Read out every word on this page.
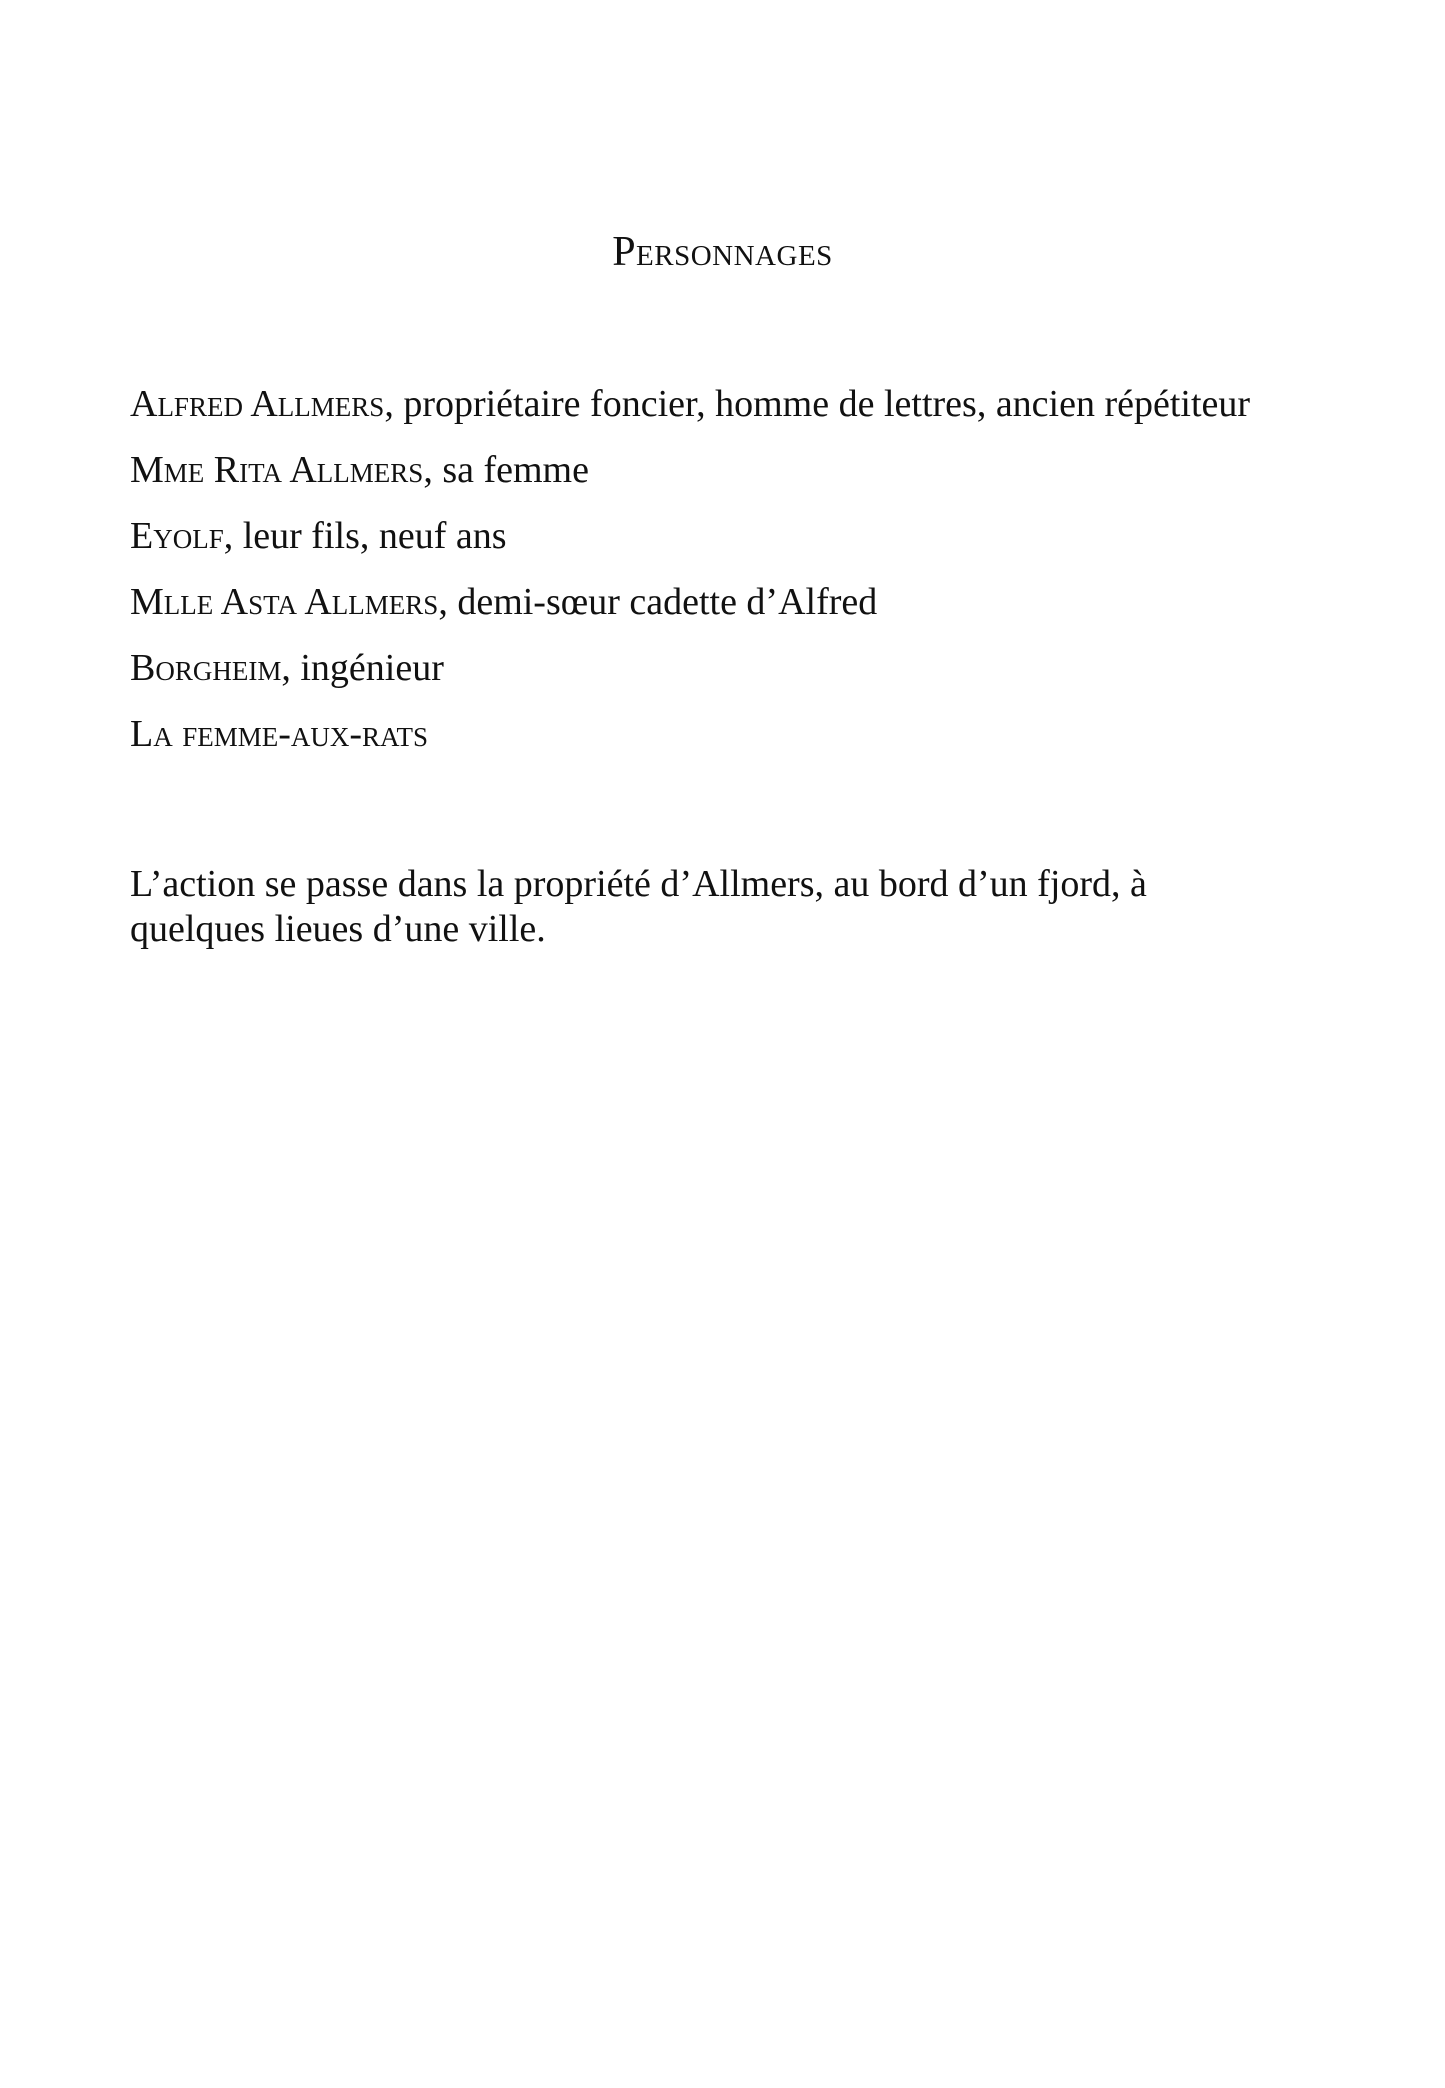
Personnages
Alfred Allmers, propriétaire foncier, homme de lettres, ancien répétiteur
Mme Rita Allmers, sa femme
Eyolf, leur fils, neuf ans
Mlle Asta Allmers, demi-sœur cadette d’Alfred
Borgheim, ingénieur
La femme-aux-rats

L’action se passe dans la propriété d’Allmers, au bord d’un fjord, à quelques lieues d’une ville.
